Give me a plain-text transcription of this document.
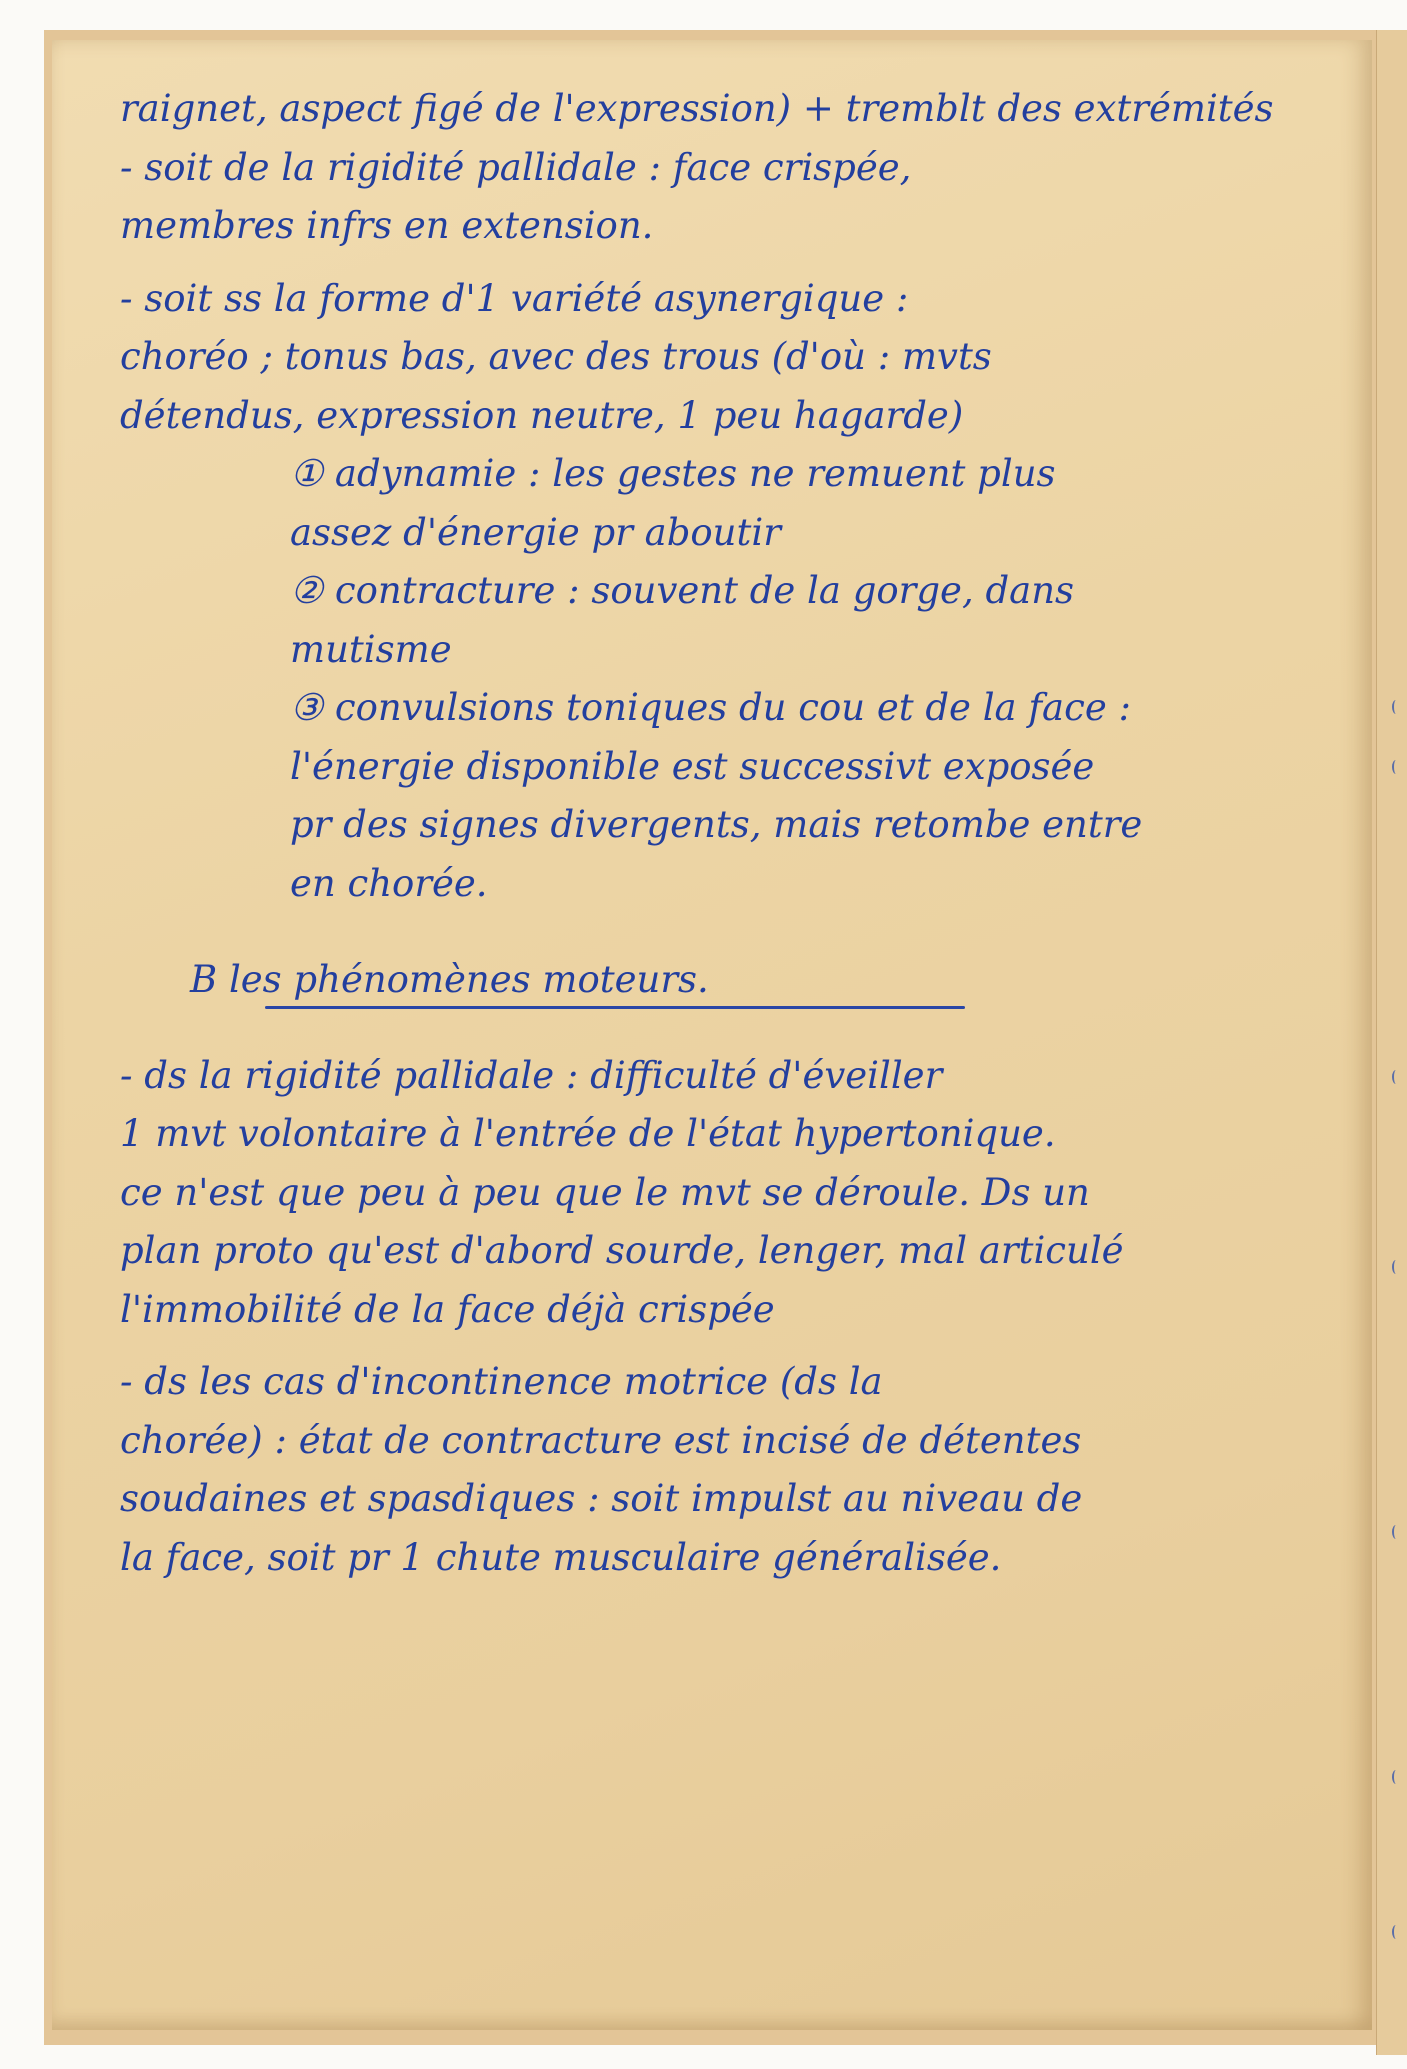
raignet, aspect figé de l'expression) + tremblt des extrémités
- soit de la rigidité pallidale : face crispée,
membres infrs en extension.
- soit ss la forme d'1 variété asynergique :
choréo ; tonus bas, avec des trous (d'où : mvts
détendus, expression neutre, 1 peu hagarde)
① adynamie : les gestes ne remuent plus
assez d'énergie pr aboutir
② contracture : souvent de la gorge, dans
mutisme
③ convulsions toniques du cou et de la face :
l'énergie disponible est successivt exposée
pr des signes divergents, mais retombe entre
en chorée.
B les phénomènes moteurs.
- ds la rigidité pallidale : difficulté d'éveiller
1 mvt volontaire à l'entrée de l'état hypertonique.
ce n'est que peu à peu que le mvt se déroule. Ds un
plan proto qu'est d'abord sourde, lenger, mal articulé
l'immobilité de la face déjà crispée
- ds les cas d'incontinence motrice (ds la
chorée) : état de contracture est incisé de détentes
soudaines et spasdiques : soit impulst au niveau de
la face, soit pr 1 chute musculaire généralisée.
